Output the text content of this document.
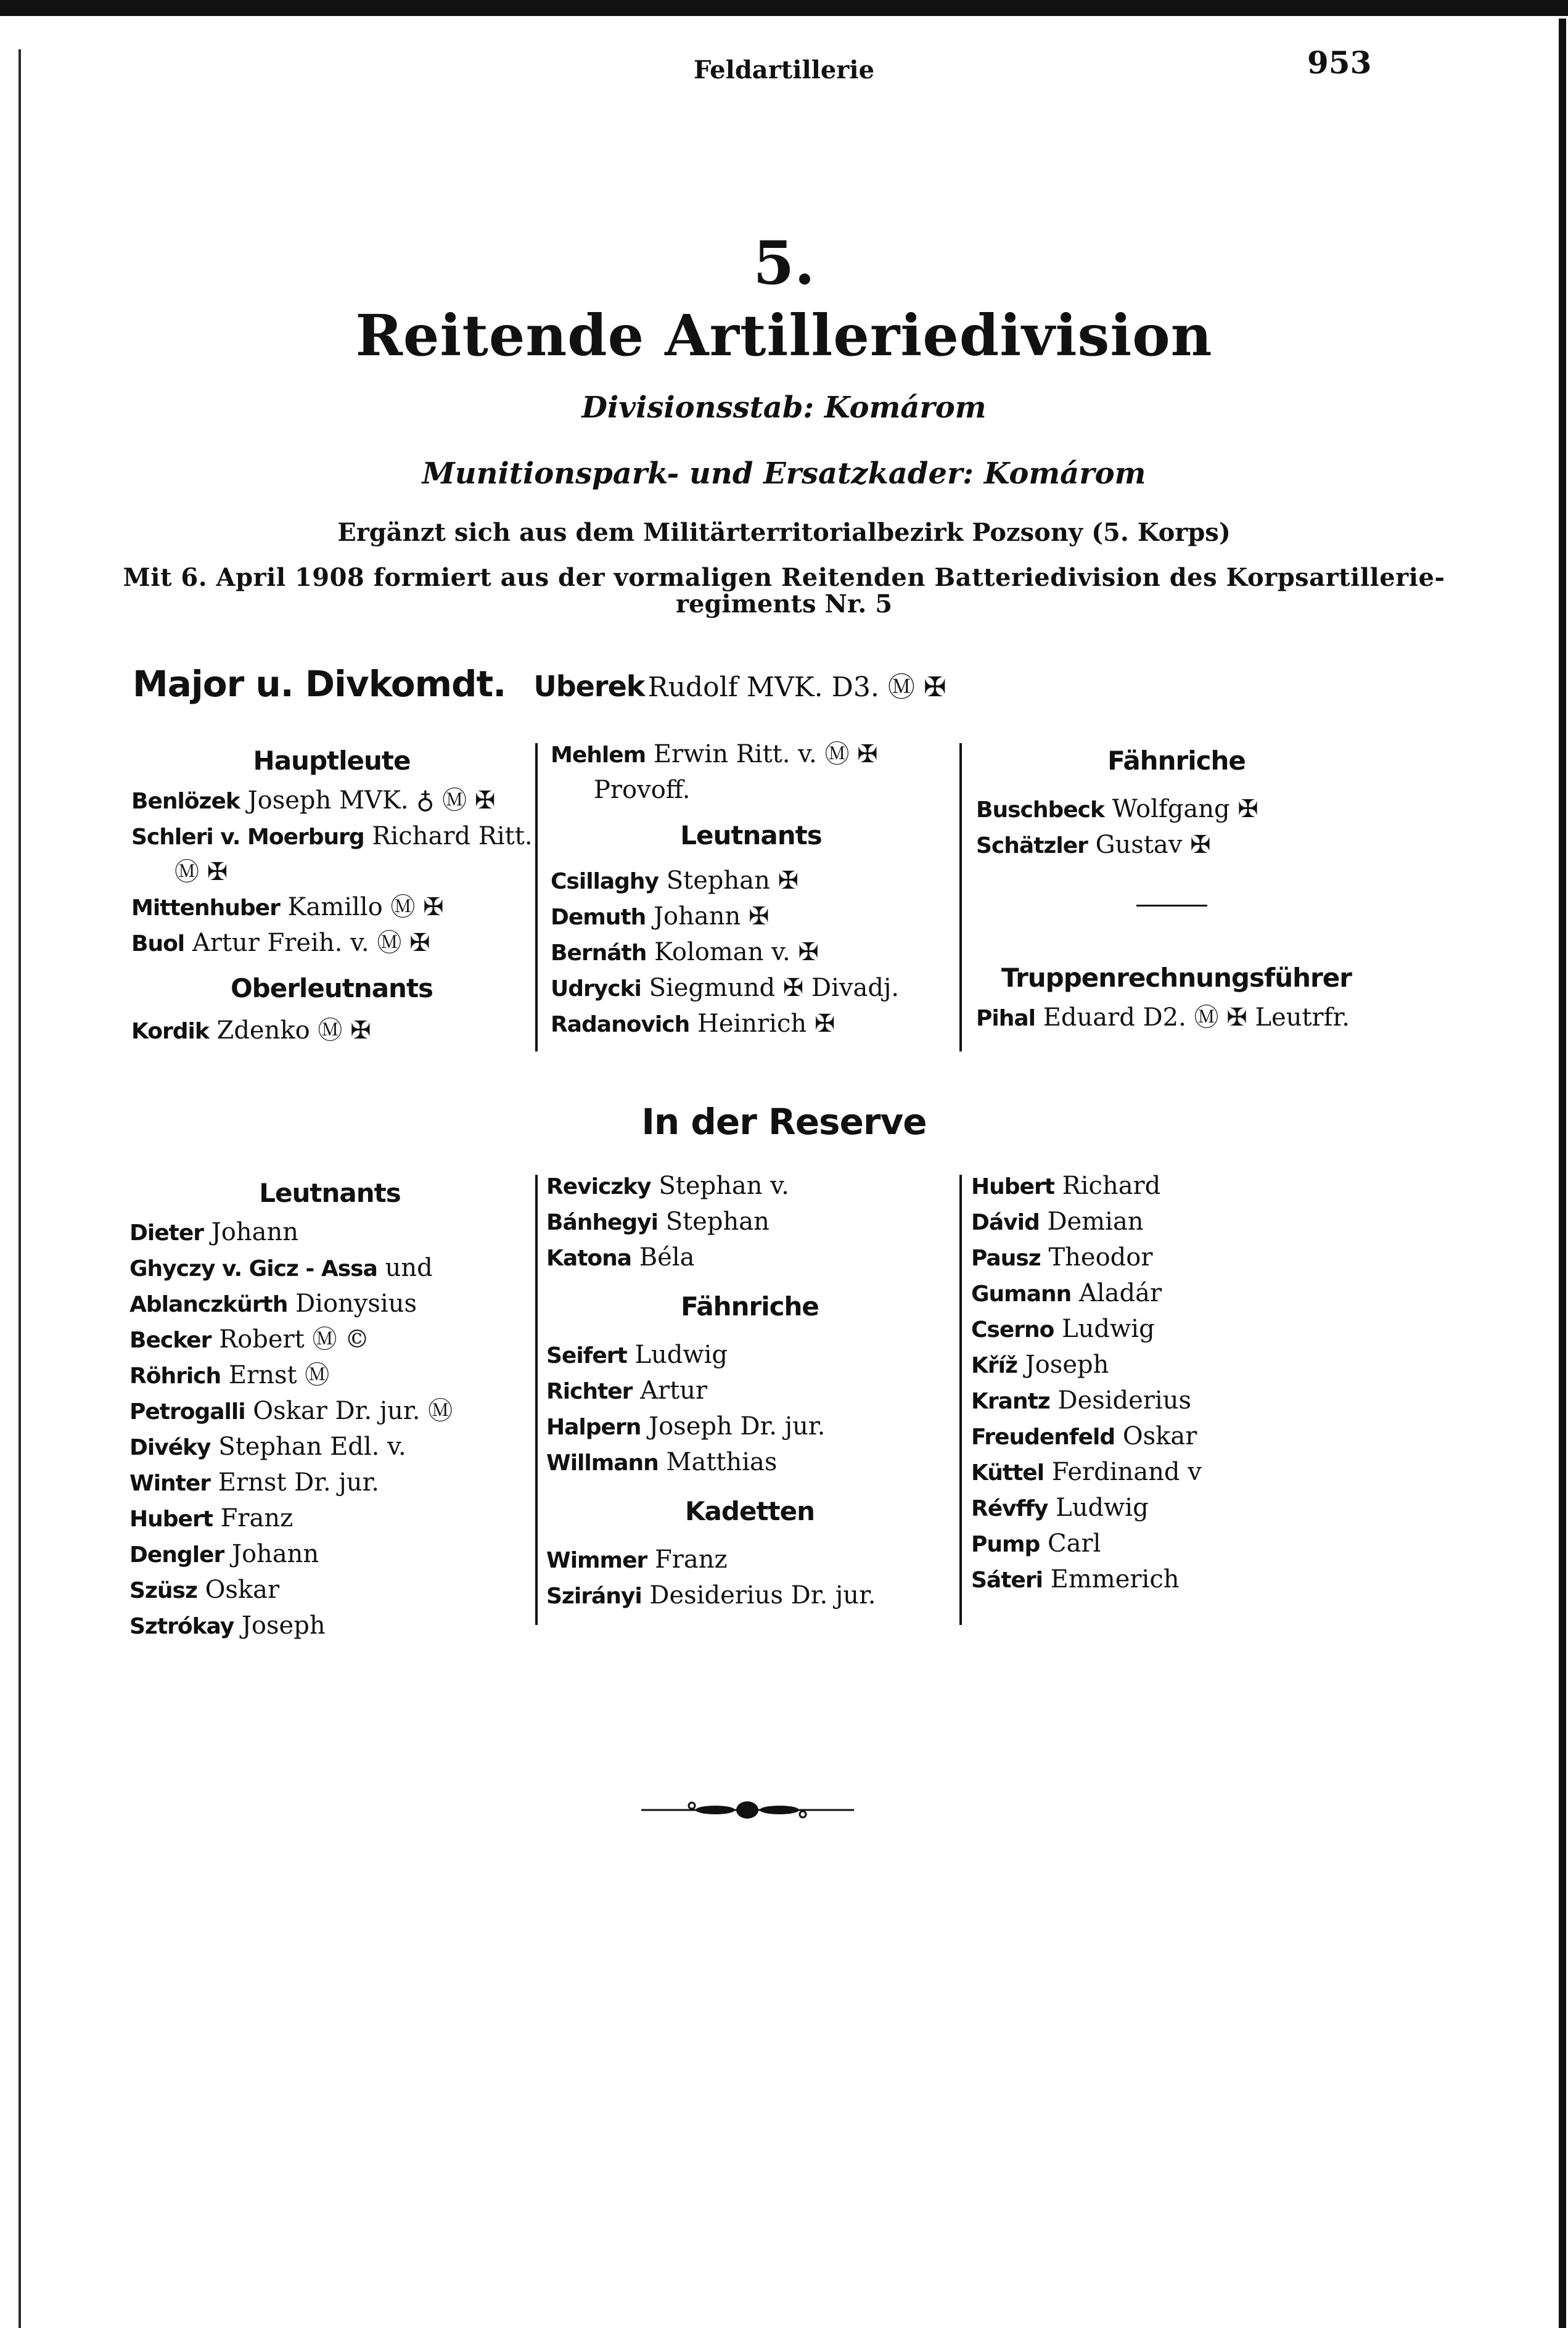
Feldartillerie	953
5.
Reitende Artilleriedivision
Divisionsstab: Komárom
Munitionspark- und Ersatzkader: Komárom
Ergänzt sich aus dem Militärterritorialbezirk Pozsony (5. Korps)
Mit 6. April 1908 formiert aus der vormaligen Reitenden Batteriedivision des Korpsartillerie-
regiments Nr. 5
Major u. Divkomdt. Uberek Rudolf MVK. D3. Ⓜ ✠
Hauptleute
Benlözek Joseph MVK. ♁ Ⓜ ✠
Schleri v. Moerburg Richard Ritt.
Ⓜ ✠
Mittenhuber Kamillo Ⓜ ✠
Buol Artur Freih. v. Ⓜ ✠
Oberleutnants
Kordik Zdenko Ⓜ ✠
Mehlem Erwin Ritt. v. Ⓜ ✠
Provoff.
Leutnants
Csillaghy Stephan ✠
Demuth Johann ✠
Bernáth Koloman v. ✠
Udrycki Siegmund ✠ Divadj.
Radanovich Heinrich ✠
Fähnriche
Buschbeck Wolfgang ✠
Schätzler Gustav ✠
Truppenrechnungsführer
Pihal Eduard D2. Ⓜ ✠ Leutrfr.
In der Reserve
Leutnants
Dieter Johann
Ghyczy v. Gicz - Assa und
Ablanczkürth Dionysius
Becker Robert Ⓜ ©
Röhrich Ernst Ⓜ
Petrogalli Oskar Dr. jur. Ⓜ
Divéky Stephan Edl. v.
Winter Ernst Dr. jur.
Hubert Franz
Dengler Johann
Szüsz Oskar
Sztrókay Joseph
Reviczky Stephan v.
Bánhegyi Stephan
Katona Béla
Fähnriche
Seifert Ludwig
Richter Artur
Halpern Joseph Dr. jur.
Willmann Matthias
Kadetten
Wimmer Franz
Szirányi Desiderius Dr. jur.
Hubert Richard
Dávid Demian
Pausz Theodor
Gumann Aladár
Cserno Ludwig
Kříž Joseph
Krantz Desiderius
Freudenfeld Oskar
Küttel Ferdinand v
Révffy Ludwig
Pump Carl
Sáteri Emmerich
